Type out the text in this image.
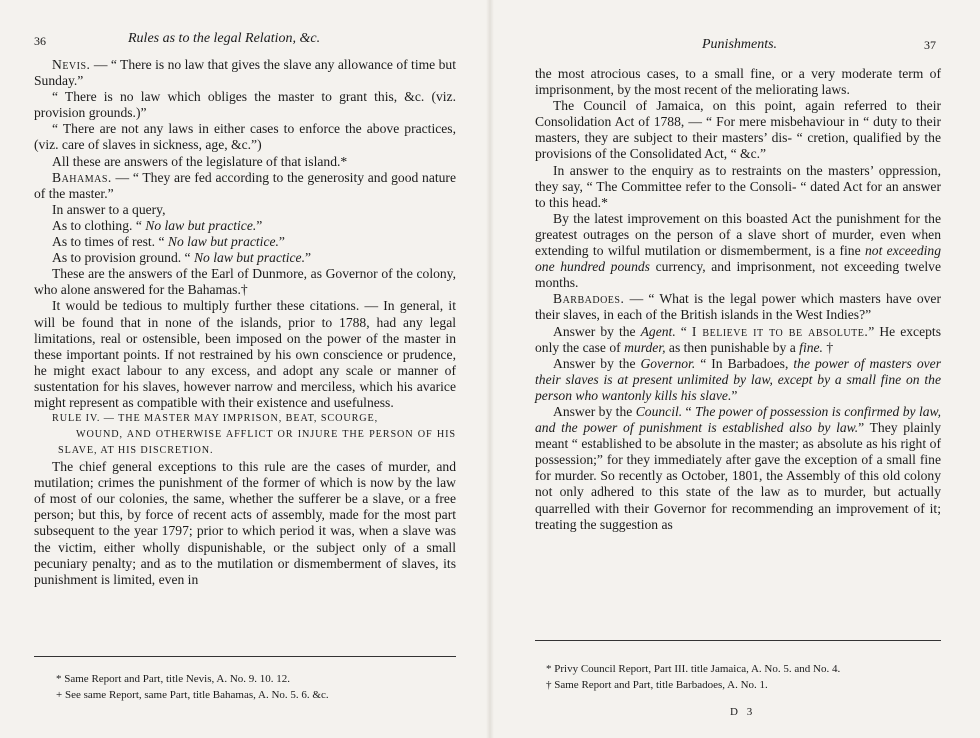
36	Rules as to the legal Relation, &c.

Nevis. — “ There is no law that gives the slave any allowance of time but Sunday.”

“ There is no law which obliges the master to grant this, &c. (viz. provision grounds.)”

“ There are not any laws in either cases to enforce the above practices, (viz. care of slaves in sickness, age, &c.”)

All these are answers of the legislature of that island.*

Bahamas. — “ They are fed according to the generosity and good nature of the master.”

In answer to a query,

As to clothing. “ No law but practice.”

As to times of rest. “ No law but practice.”

As to provision ground. “ No law but practice.”

These are the answers of the Earl of Dunmore, as Governor of the colony, who alone answered for the Bahamas.†

It would be tedious to multiply further these citations. — In general, it will be found that in none of the islands, prior to 1788, had any legal limitations, real or ostensible, been imposed on the power of the master in these important points. If not restrained by his own conscience or prudence, he might exact labour to any excess, and adopt any scale or manner of sustentation for his slaves, however narrow and merciless, which his avarice might represent as compatible with their existence and usefulness.

RULE IV. — THE MASTER MAY IMPRISON, BEAT, SCOURGE,
WOUND, AND OTHERWISE AFFLICT OR INJURE THE PERSON OF HIS SLAVE, AT HIS DISCRETION.

The chief general exceptions to this rule are the cases of murder, and mutilation; crimes the punishment of the former of which is now by the law of most of our colonies, the same, whether the sufferer be a slave, or a free person; but this, by force of recent acts of assembly, made for the most part subsequent to the year 1797; prior to which period it was, when a slave was the victim, either wholly dispunishable, or the subject only of a small pecuniary penalty; and as to the mutilation or dismemberment of slaves, its punishment is limited, even in

* Same Report and Part, title Nevis, A. No. 9. 10. 12.
+ See same Report, same Part, title Bahamas, A. No. 5. 6. &c.
Punishments.	37

the most atrocious cases, to a small fine, or a very moderate term of imprisonment, by the most recent of the meliorating laws.

The Council of Jamaica, on this point, again referred to their Consolidation Act of 1788, — “ For mere misbehaviour in “ duty to their masters, they are subject to their masters’ dis- “ cretion, qualified by the provisions of the Consolidated Act, “ &c.”

In answer to the enquiry as to restraints on the masters’ oppression, they say, “ The Committee refer to the Consoli- “ dated Act for an answer to this head.*

By the latest improvement on this boasted Act the punishment for the greatest outrages on the person of a slave short of murder, even when extending to wilful mutilation or dismemberment, is a fine not exceeding one hundred pounds currency, and imprisonment, not exceeding twelve months.

Barbadoes. — “ What is the legal power which masters have over their slaves, in each of the British islands in the West Indies?”

Answer by the Agent. “ I believe it to be absolute.” He excepts only the case of murder, as then punishable by a fine. †

Answer by the Governor. “ In Barbadoes, the power of masters over their slaves is at present unlimited by law, except by a small fine on the person who wantonly kills his slave.”

Answer by the Council. “ The power of possession is confirmed by law, and the power of punishment is established also by law.” They plainly meant “ established to be absolute in the master; as absolute as his right of possession;” for they immediately after gave the exception of a small fine for murder. So recently as October, 1801, the Assembly of this old colony not only adhered to this state of the law as to murder, but actually quarrelled with their Governor for recommending an improvement of it; treating the suggestion as

* Privy Council Report, Part III. title Jamaica, A. No. 5. and No. 4.
† Same Report and Part, title Barbadoes, A. No. 1.
D 3
